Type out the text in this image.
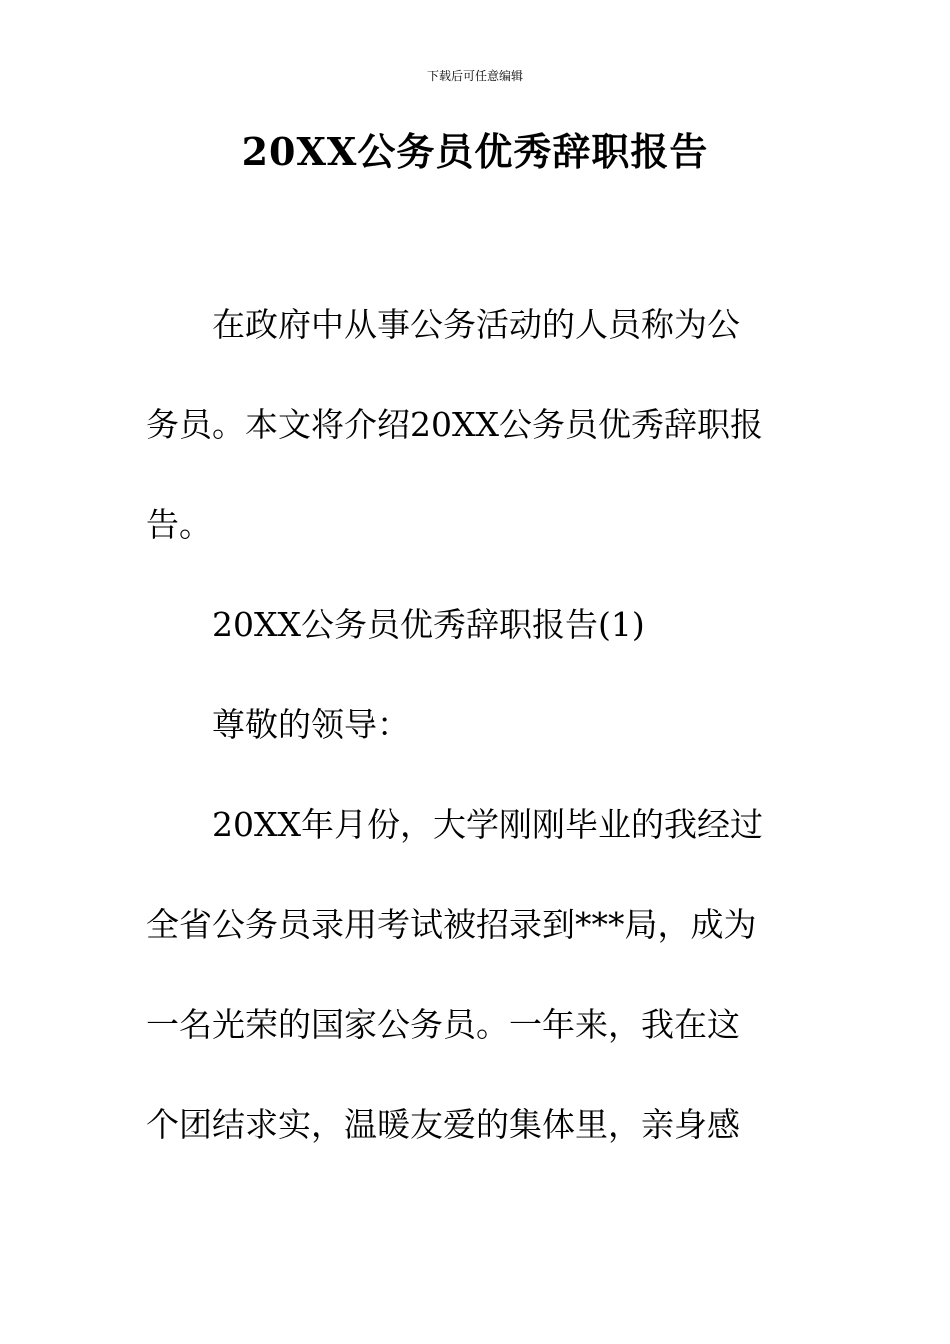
下载后可任意编辑
20XX公务员优秀辞职报告
　　在政府中从事公务活动的人员称为公
务员。本文将介绍20XX公务员优秀辞职报
告。
　　20XX公务员优秀辞职报告(1)
　　尊敬的领导：
　　20XX年月份，大学刚刚毕业的我经过
全省公务员录用考试被招录到***局，成为
一名光荣的国家公务员。一年来，我在这
个团结求实，温暖友爱的集体里，亲身感
